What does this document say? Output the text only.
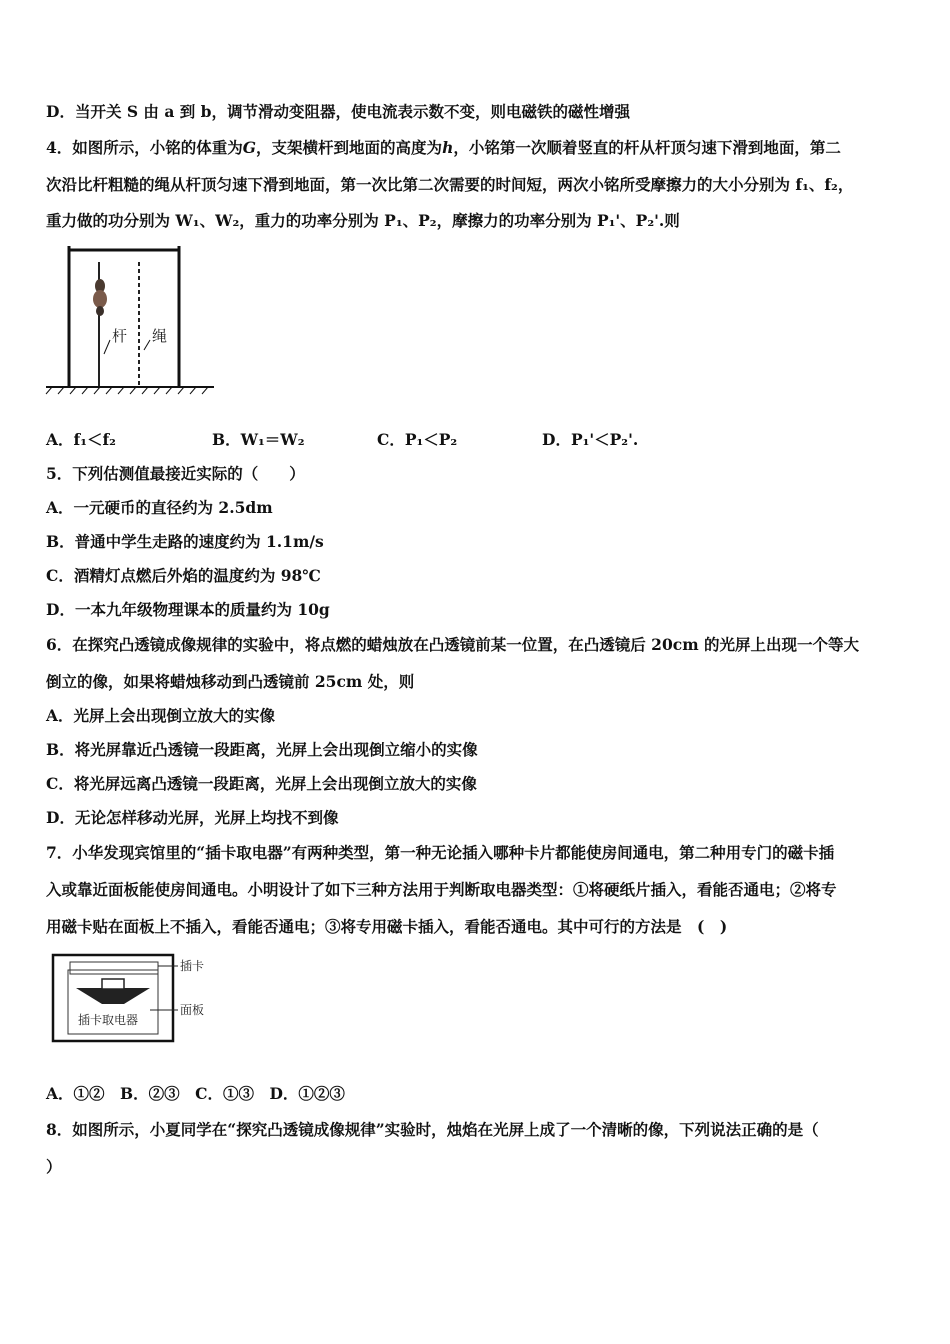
D．当开关 S 由 a 到 b，调节滑动变阻器，使电流表示数不变，则电磁铁的磁性增强
4．如图所示，小铭的体重为G，支架横杆到地面的高度为h，小铭第一次顺着竖直的杆从杆顶匀速下滑到地面，第二
次沿比杆粗糙的绳从杆顶匀速下滑到地面，第一次比第二次需要的时间短，两次小铭所受摩擦力的大小分别为 f₁、f₂，
重力做的功分别为 W₁、W₂，重力的功率分别为 P₁、P₂，摩擦力的功率分别为 P₁'、P₂'.则
杆 绳
A．f₁＜f₂	B．W₁＝W₂	C．P₁＜P₂	D．P₁'＜P₂'.
5．下列估测值最接近实际的（　　）
A．一元硬币的直径约为 2.5dm
B．普通中学生走路的速度约为 1.1m/s
C．酒精灯点燃后外焰的温度约为 98℃
D．一本九年级物理课本的质量约为 10g
6．在探究凸透镜成像规律的实验中，将点燃的蜡烛放在凸透镜前某一位置，在凸透镜后 20cm 的光屏上出现一个等大
倒立的像，如果将蜡烛移动到凸透镜前 25cm 处，则
A．光屏上会出现倒立放大的实像
B．将光屏靠近凸透镜一段距离，光屏上会出现倒立缩小的实像
C．将光屏远离凸透镜一段距离，光屏上会出现倒立放大的实像
D．无论怎样移动光屏，光屏上均找不到像
7．小华发现宾馆里的“插卡取电器”有两种类型，第一种无论插入哪种卡片都能使房间通电，第二种用专门的磁卡插
入或靠近面板能使房间通电。小明设计了如下三种方法用于判断取电器类型：①将硬纸片插入，看能否通电；②将专
用磁卡贴在面板上不插入，看能否通电；③将专用磁卡插入，看能否通电。其中可行的方法是　(　)
插卡取电器
插卡
面板
A．①②　B．②③　C．①③　D．①②③
8．如图所示，小夏同学在“探究凸透镜成像规律”实验时，烛焰在光屏上成了一个清晰的像，下列说法正确的是（
）
